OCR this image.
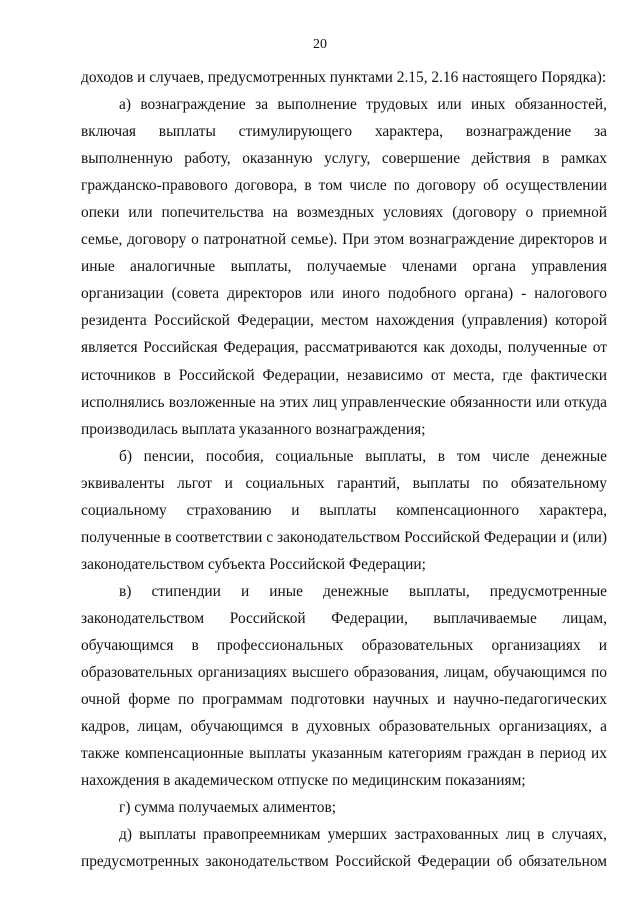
20

доходов и случаев, предусмотренных пунктами 2.15, 2.16 настоящего Порядка):

а) вознаграждение за выполнение трудовых или иных обязанностей, включая выплаты стимулирующего характера, вознаграждение за выполненную работу, оказанную услугу, совершение действия в рамках гражданско-правового договора, в том числе по договору об осуществлении опеки или попечительства на возмездных условиях (договору о приемной семье, договору о патронатной семье). При этом вознаграждение директоров и иные аналогичные выплаты, получаемые членами органа управления организации (совета директоров или иного подобного органа) - налогового резидента Российской Федерации, местом нахождения (управления) которой является Российская Федерация, рассматриваются как доходы, полученные от источников в Российской Федерации, независимо от места, где фактически исполнялись возложенные на этих лиц управленческие обязанности или откуда производилась выплата указанного вознаграждения;

б) пенсии, пособия, социальные выплаты, в том числе денежные эквиваленты льгот и социальных гарантий, выплаты по обязательному социальному страхованию и выплаты компенсационного характера, полученные в соответствии с законодательством Российской Федерации и (или) законодательством субъекта Российской Федерации;

в) стипендии и иные денежные выплаты, предусмотренные законодательством Российской Федерации, выплачиваемые лицам, обучающимся в профессиональных образовательных организациях и образовательных организациях высшего образования, лицам, обучающимся по очной форме по программам подготовки научных и научно-педагогических кадров, лицам, обучающимся в духовных образовательных организациях, а также компенсационные выплаты указанным категориям граждан в период их нахождения в академическом отпуске по медицинским показаниям;

г) сумма получаемых алиментов;

д) выплаты правопреемникам умерших застрахованных лиц в случаях, предусмотренных законодательством Российской Федерации об обязательном
